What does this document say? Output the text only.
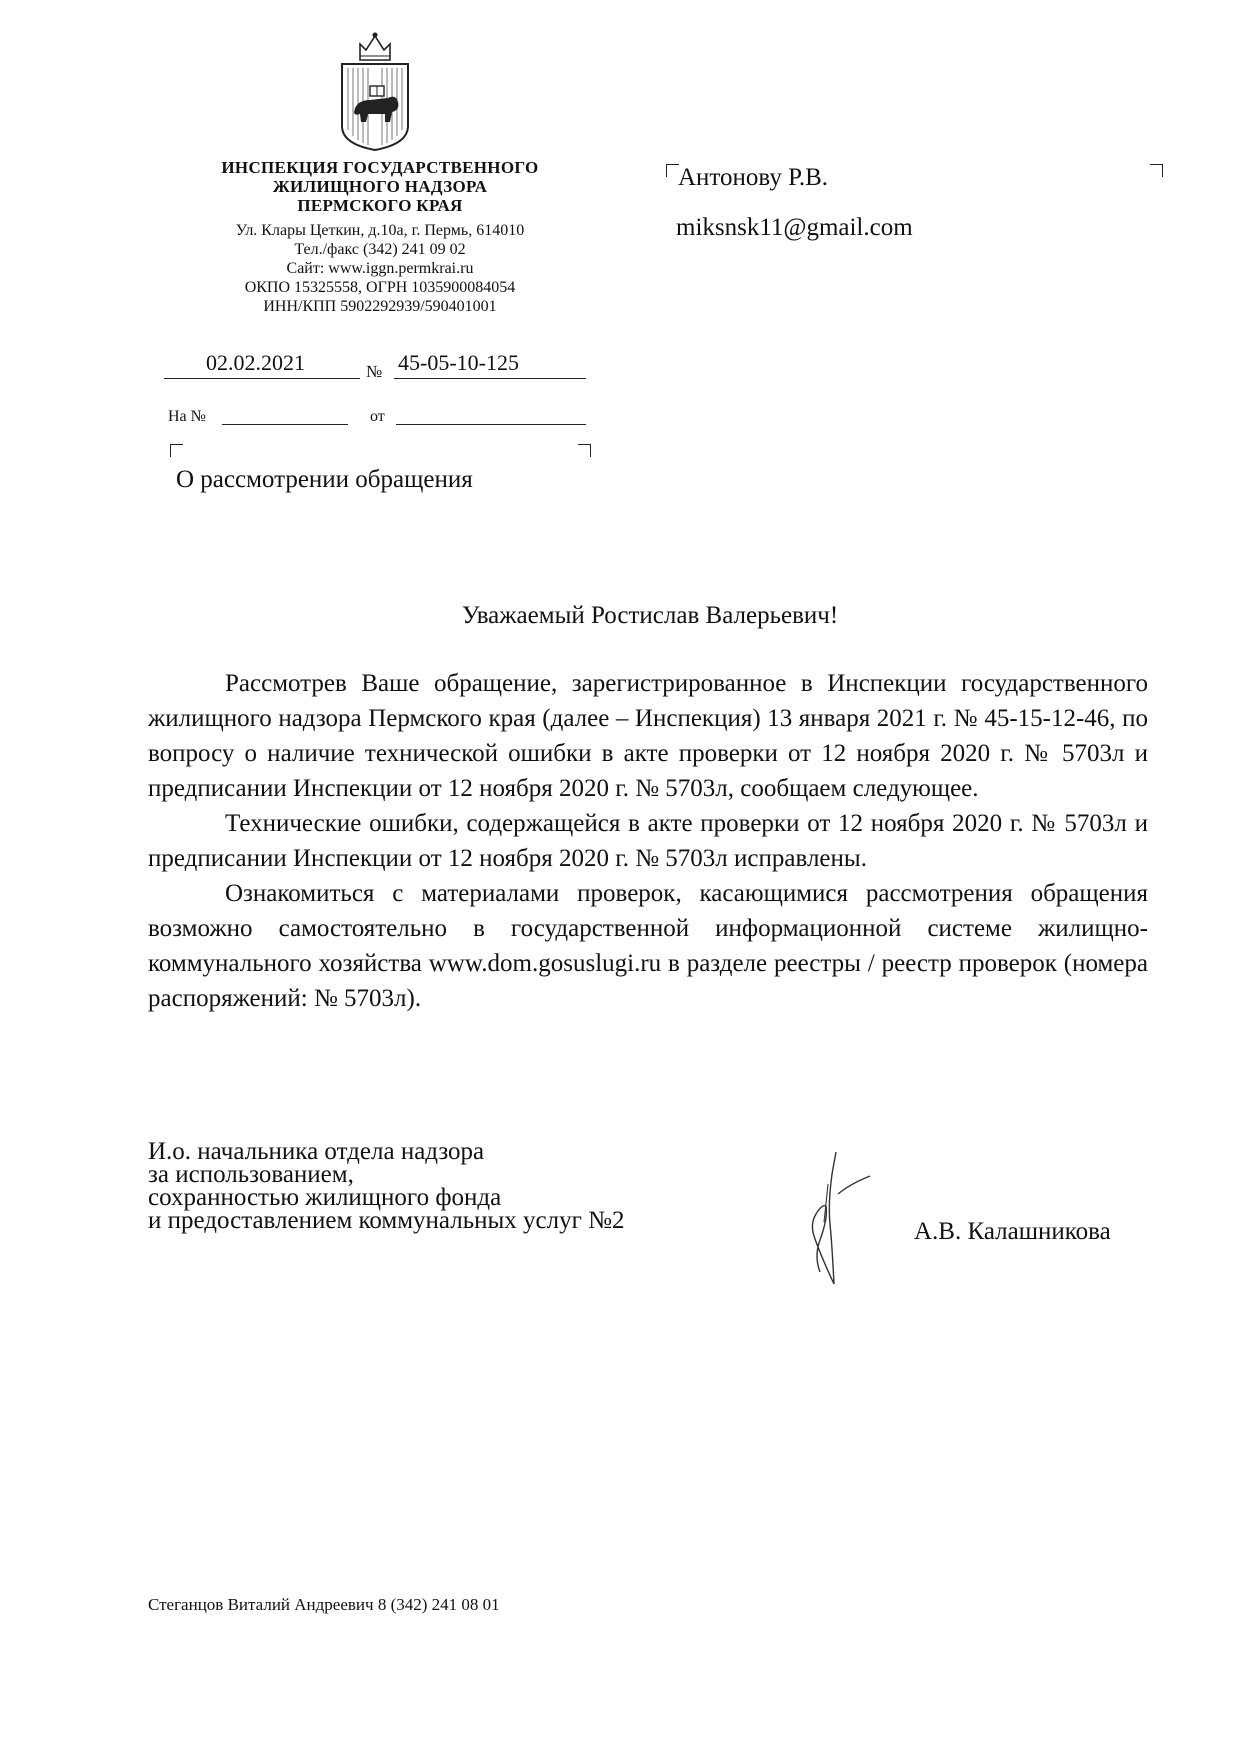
ИНСПЕКЦИЯ ГОСУДАРСТВЕННОГО
ЖИЛИЩНОГО НАДЗОРА
ПЕРМСКОГО КРАЯ
Ул. Клары Цеткин, д.10а, г. Пермь, 614010
Тел./факс (342) 241 09 02
Сайт: www.iggn.permkrai.ru
ОКПО 15325558, ОГРН 1035900084054
ИНН/КПП 5902292939/590401001
02.02.2021	№ 45-05-10-125
На №	от
О рассмотрении обращения
Антонову Р.В.
miksnsk11@gmail.com
Уважаемый Ростислав Валерьевич!

Рассмотрев Ваше обращение, зарегистрированное в Инспекции государственного жилищного надзора Пермского края (далее – Инспекция) 13 января 2021 г. № 45-15-12-46, по вопросу о наличие технической ошибки в акте проверки от 12 ноября 2020 г. № 5703л и предписании Инспекции от 12 ноября 2020 г. № 5703л, сообщаем следующее.

Технические ошибки, содержащейся в акте проверки от 12 ноября 2020 г. № 5703л и предписании Инспекции от 12 ноября 2020 г. № 5703л исправлены.

Ознакомиться с материалами проверок, касающимися рассмотрения обращения возможно самостоятельно в государственной информационной системе жилищно-коммунального хозяйства www.dom.gosuslugi.ru в разделе реестры / реестр проверок (номера распоряжений: № 5703л).

И.о. начальника отдела надзора
за использованием,
сохранностью жилищного фонда
и предоставлением коммунальных услуг №2	А.В. Калашникова
Стеганцов Виталий Андреевич 8 (342) 241 08 01
